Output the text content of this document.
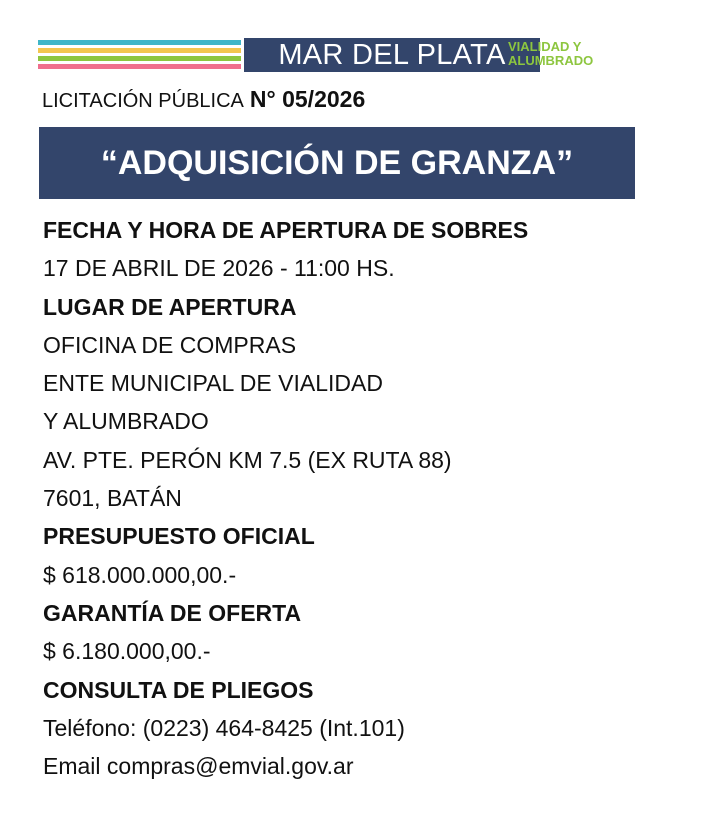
MAR DEL PLATA VIALIDAD Y
ALUMBRADO
LICITACIÓN PÚBLICA N° 05/2026
“ADQUISICIÓN DE GRANZA”
FECHA Y HORA DE APERTURA DE SOBRES
17 DE ABRIL DE 2026 - 11:00 HS.
LUGAR DE APERTURA
OFICINA DE COMPRAS
ENTE MUNICIPAL DE VIALIDAD
Y ALUMBRADO
AV. PTE. PERÓN KM 7.5 (EX RUTA 88)
7601, BATÁN
PRESUPUESTO OFICIAL
$ 618.000.000,00.-
GARANTÍA DE OFERTA
$ 6.180.000,00.-
CONSULTA DE PLIEGOS
Teléfono: (0223) 464-8425 (Int.101)
Email compras@emvial.gov.ar
